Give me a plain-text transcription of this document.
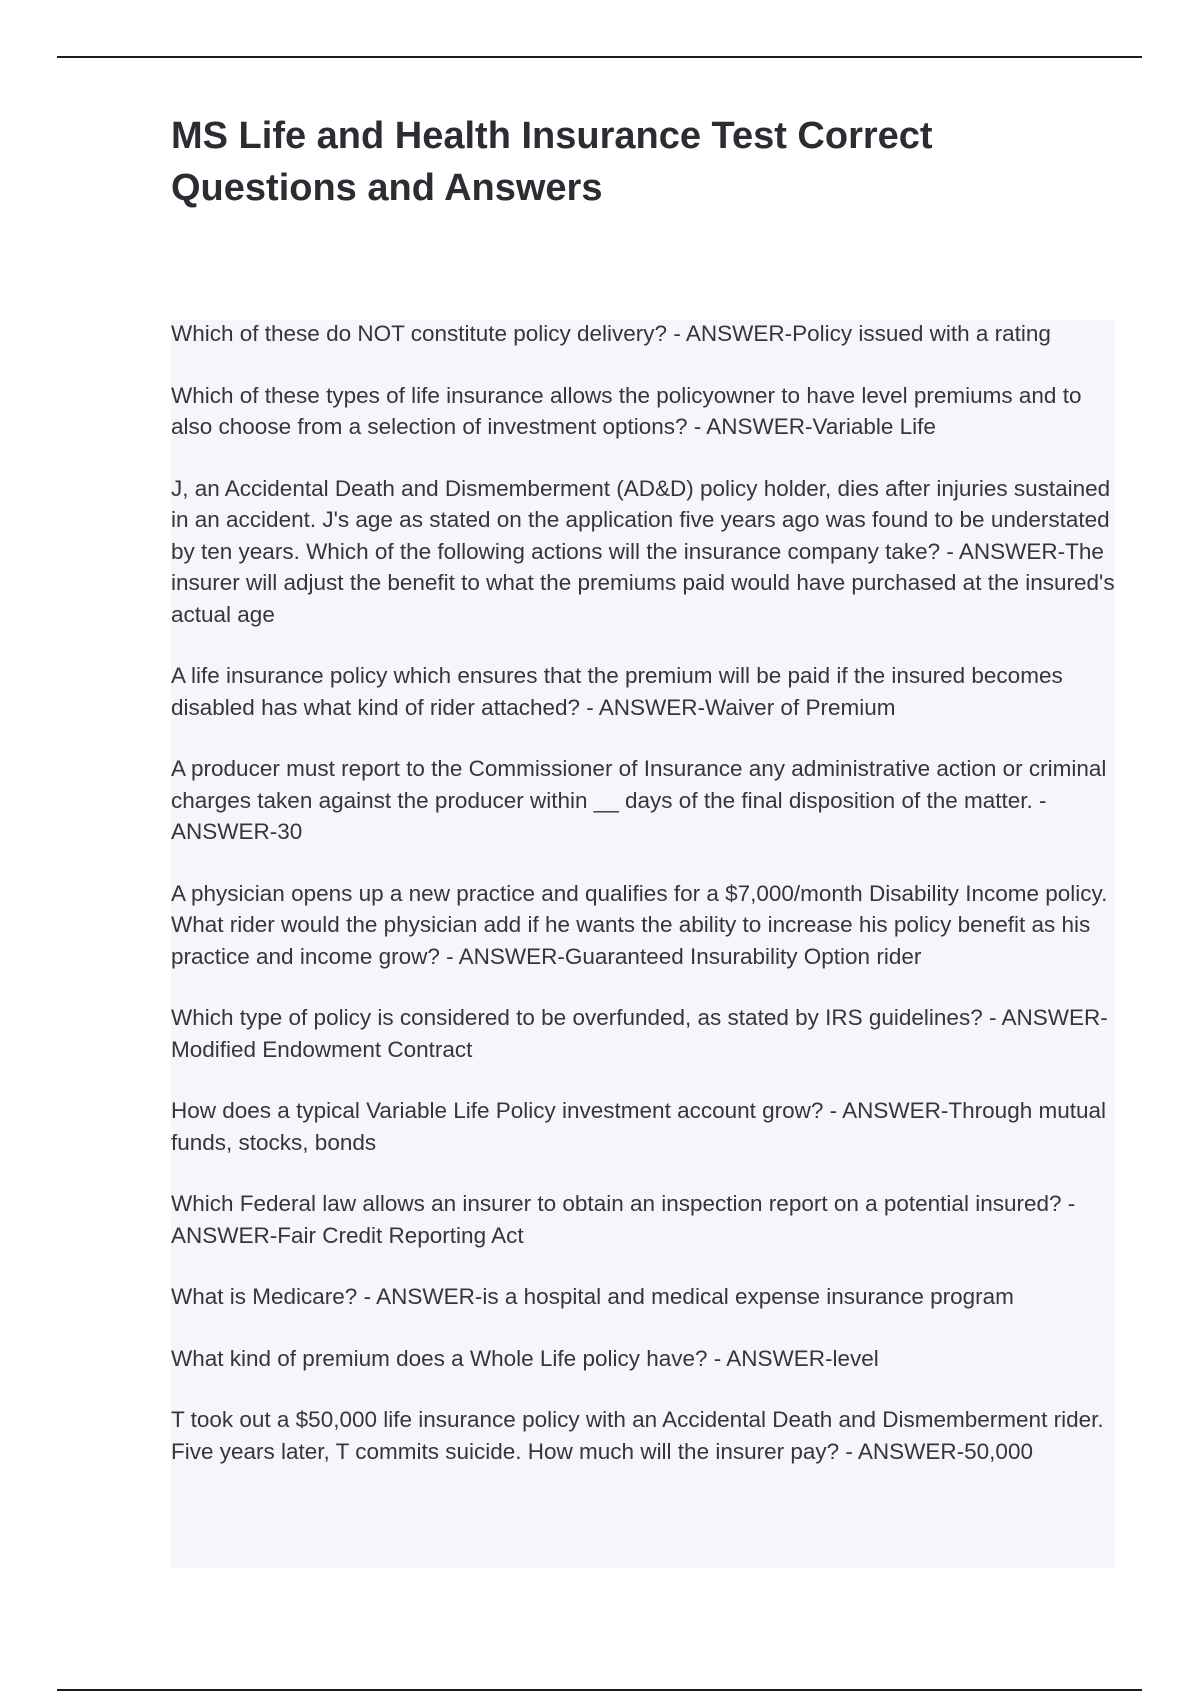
MS Life and Health Insurance Test Correct Questions and Answers
Which of these do NOT constitute policy delivery? - ANSWER-Policy issued with a rating
Which of these types of life insurance allows the policyowner to have level premiums and to also choose from a selection of investment options? - ANSWER-Variable Life
J, an Accidental Death and Dismemberment (AD&D) policy holder, dies after injuries sustained in an accident. J's age as stated on the application five years ago was found to be understated by ten years. Which of the following actions will the insurance company take? - ANSWER-The insurer will adjust the benefit to what the premiums paid would have purchased at the insured's actual age
A life insurance policy which ensures that the premium will be paid if the insured becomes disabled has what kind of rider attached? - ANSWER-Waiver of Premium
A producer must report to the Commissioner of Insurance any administrative action or criminal charges taken against the producer within __ days of the final disposition of the matter. - ANSWER-30
A physician opens up a new practice and qualifies for a $7,000/month Disability Income policy. What rider would the physician add if he wants the ability to increase his policy benefit as his practice and income grow? - ANSWER-Guaranteed Insurability Option rider
Which type of policy is considered to be overfunded, as stated by IRS guidelines? - ANSWER-Modified Endowment Contract
How does a typical Variable Life Policy investment account grow? - ANSWER-Through mutual funds, stocks, bonds
Which Federal law allows an insurer to obtain an inspection report on a potential insured? - ANSWER-Fair Credit Reporting Act
What is Medicare? - ANSWER-is a hospital and medical expense insurance program
What kind of premium does a Whole Life policy have? - ANSWER-level
T took out a $50,000 life insurance policy with an Accidental Death and Dismemberment rider. Five years later, T commits suicide. How much will the insurer pay? - ANSWER-50,000
